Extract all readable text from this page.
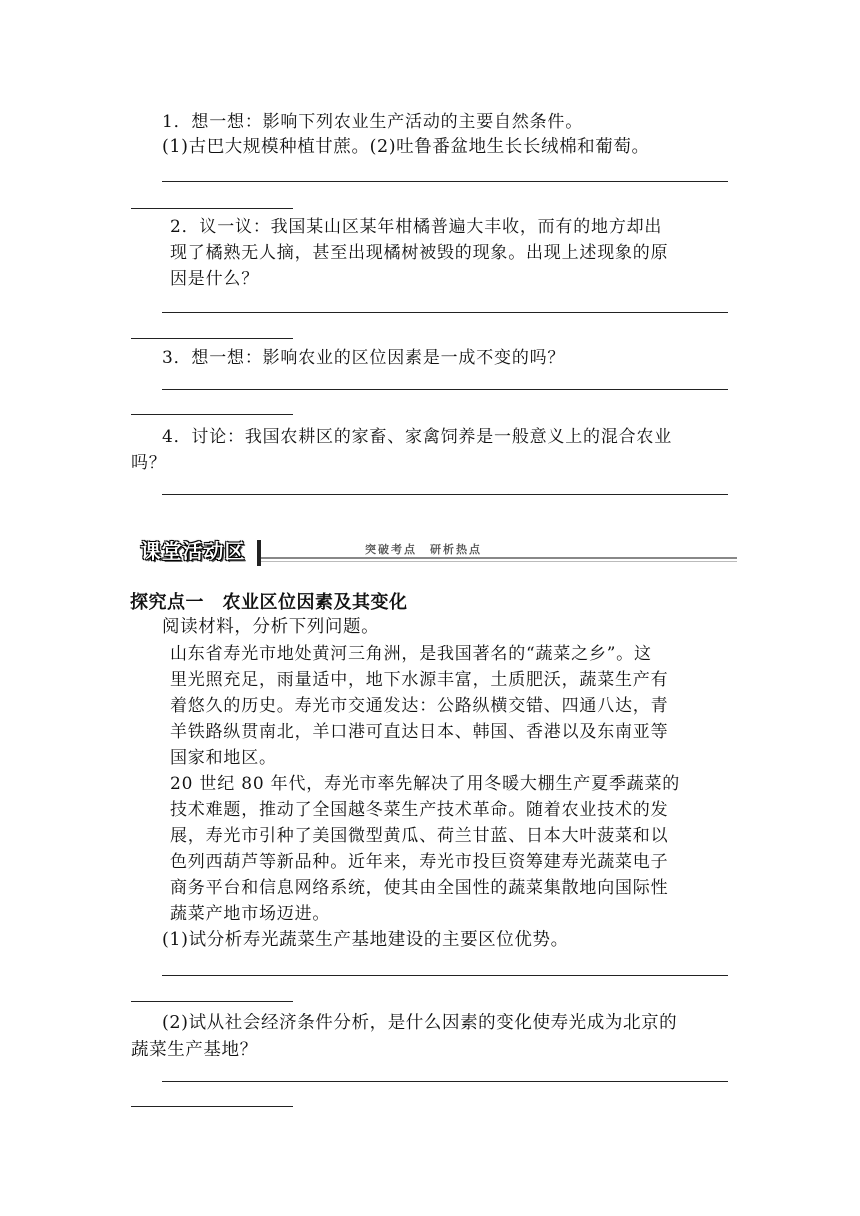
1．想一想：影响下列农业生产活动的主要自然条件。
(1)古巴大规模种植甘蔗。(2)吐鲁番盆地生长长绒棉和葡萄。
2．议一议：我国某山区某年柑橘普遍大丰收，而有的地方却出
现了橘熟无人摘，甚至出现橘树被毁的现象。出现上述现象的原
因是什么？
3．想一想：影响农业的区位因素是一成不变的吗？
4．讨论：我国农耕区的家畜、家禽饲养是一般意义上的混合农业
吗？
课堂活动区	突破考点　研析热点
探究点一　农业区位因素及其变化
阅读材料，分析下列问题。
山东省寿光市地处黄河三角洲，是我国著名的“蔬菜之乡”。这
里光照充足，雨量适中，地下水源丰富，土质肥沃，蔬菜生产有
着悠久的历史。寿光市交通发达：公路纵横交错、四通八达，青
羊铁路纵贯南北，羊口港可直达日本、韩国、香港以及东南亚等
国家和地区。
20 世纪 80 年代，寿光市率先解决了用冬暖大棚生产夏季蔬菜的
技术难题，推动了全国越冬菜生产技术革命。随着农业技术的发
展，寿光市引种了美国微型黄瓜、荷兰甘蓝、日本大叶菠菜和以
色列西葫芦等新品种。近年来，寿光市投巨资筹建寿光蔬菜电子
商务平台和信息网络系统，使其由全国性的蔬菜集散地向国际性
蔬菜产地市场迈进。
(1)试分析寿光蔬菜生产基地建设的主要区位优势。
(2)试从社会经济条件分析，是什么因素的变化使寿光成为北京的
蔬菜生产基地？
